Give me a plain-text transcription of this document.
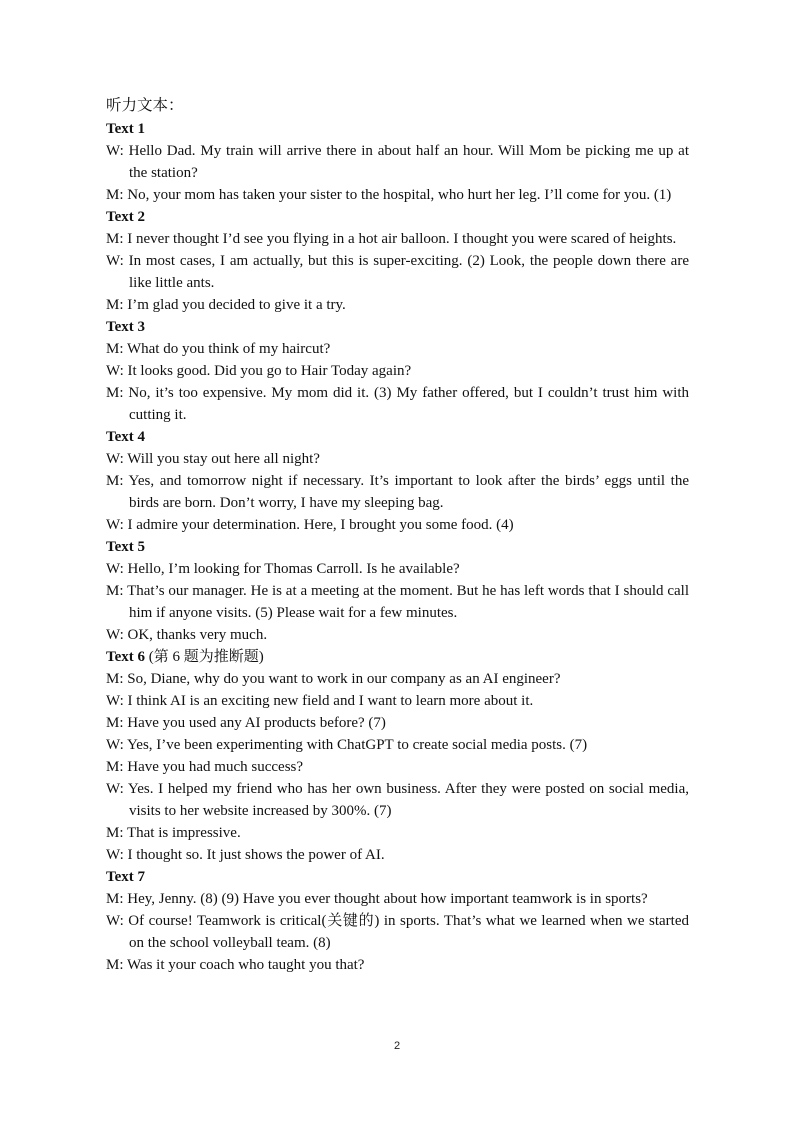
听力文本：

Text 1

W: Hello Dad. My train will arrive there in about half an hour. Will Mom be picking me up at the station?

M: No, your mom has taken your sister to the hospital, who hurt her leg. I’ll come for you. (1)

Text 2

M: I never thought I’d see you flying in a hot air balloon. I thought you were scared of heights.

W: In most cases, I am actually, but this is super-exciting. (2) Look, the people down there are like little ants.

M: I’m glad you decided to give it a try.

Text 3

M: What do you think of my haircut?

W: It looks good. Did you go to Hair Today again?

M: No, it’s too expensive. My mom did it. (3) My father offered, but I couldn’t trust him with cutting it.

Text 4

W: Will you stay out here all night?

M: Yes, and tomorrow night if necessary. It’s important to look after the birds’ eggs until the birds are born. Don’t worry, I have my sleeping bag.

W: I admire your determination. Here, I brought you some food. (4)

Text 5

W: Hello, I’m looking for Thomas Carroll. Is he available?

M: That’s our manager. He is at a meeting at the moment. But he has left words that I should call him if anyone visits. (5) Please wait for a few minutes.

W: OK, thanks very much.

Text 6 (第 6 题为推断题)

M: So, Diane, why do you want to work in our company as an AI engineer?

W: I think AI is an exciting new field and I want to learn more about it.

M: Have you used any AI products before? (7)

W: Yes, I’ve been experimenting with ChatGPT to create social media posts. (7)

M: Have you had much success?

W: Yes. I helped my friend who has her own business. After they were posted on social media, visits to her website increased by 300%. (7)

M: That is impressive.

W: I thought so. It just shows the power of AI.

Text 7

M: Hey, Jenny. (8) (9) Have you ever thought about how important teamwork is in sports?

W: Of course! Teamwork is critical(关键的) in sports. That’s what we learned when we started on the school volleyball team. (8)

M: Was it your coach who taught you that?

2
